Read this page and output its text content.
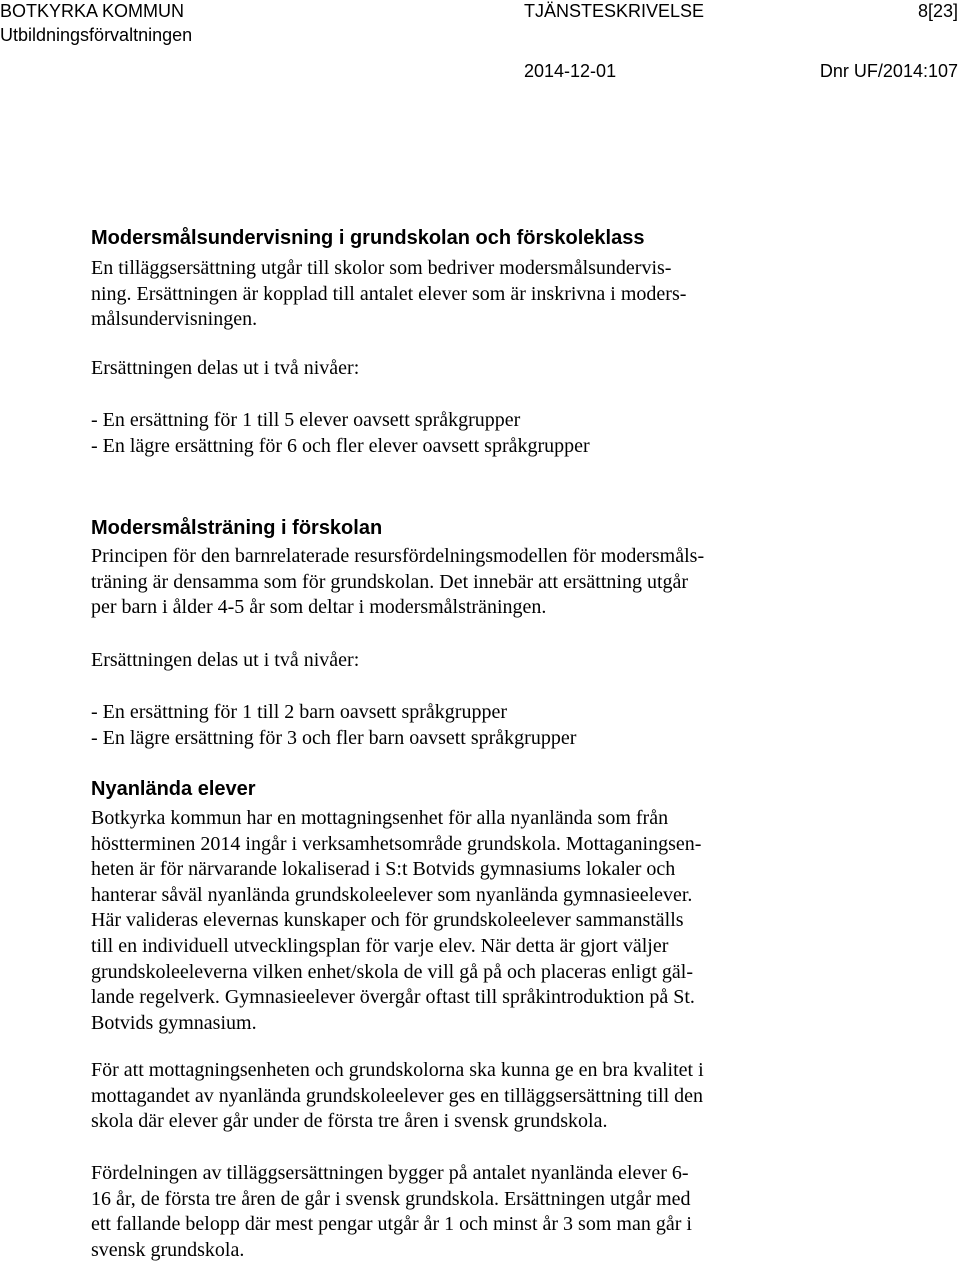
BOTKYRKA KOMMUN
Utbildningsförvaltningen
TJÄNSTESKRIVELSE	8[23]
2014-12-01	Dnr UF/2014:107
Modersmålsundervisning i grundskolan och förskoleklass
En tilläggsersättning utgår till skolor som bedriver modersmålsundervis-
ning. Ersättningen är kopplad till antalet elever som är inskrivna i moders-
målsundervisningen.
Ersättningen delas ut i två nivåer:
- En ersättning för 1 till 5 elever oavsett språkgrupper
- En lägre ersättning för 6 och fler elever oavsett språkgrupper
Modersmålsträning i förskolan
Principen för den barnrelaterade resursfördelningsmodellen för modersmåls-
träning är densamma som för grundskolan. Det innebär att ersättning utgår
per barn i ålder 4-5 år som deltar i modersmålsträningen.
Ersättningen delas ut i två nivåer:
- En ersättning för 1 till 2 barn oavsett språkgrupper
- En lägre ersättning för 3 och fler barn oavsett språkgrupper
Nyanlända elever
Botkyrka kommun har en mottagningsenhet för alla nyanlända som från
höstterminen 2014 ingår i verksamhetsområde grundskola. Mottaganingsen-
heten är för närvarande lokaliserad i S:t Botvids gymnasiums lokaler och
hanterar såväl nyanlända grundskoleelever som nyanlända gymnasieelever.
Här valideras elevernas kunskaper och för grundskoleelever sammanställs
till en individuell utvecklingsplan för varje elev. När detta är gjort väljer
grundskoleeleverna vilken enhet/skola de vill gå på och placeras enligt gäl-
lande regelverk. Gymnasieelever övergår oftast till språkintroduktion på St.
Botvids gymnasium.
För att mottagningsenheten och grundskolorna ska kunna ge en bra kvalitet i
mottagandet av nyanlända grundskoleelever ges en tilläggsersättning till den
skola där elever går under de första tre åren i svensk grundskola.
Fördelningen av tilläggsersättningen bygger på antalet nyanlända elever 6-
16 år, de första tre åren de går i svensk grundskola. Ersättningen utgår med
ett fallande belopp där mest pengar utgår år 1 och minst år 3 som man går i
svensk grundskola.
